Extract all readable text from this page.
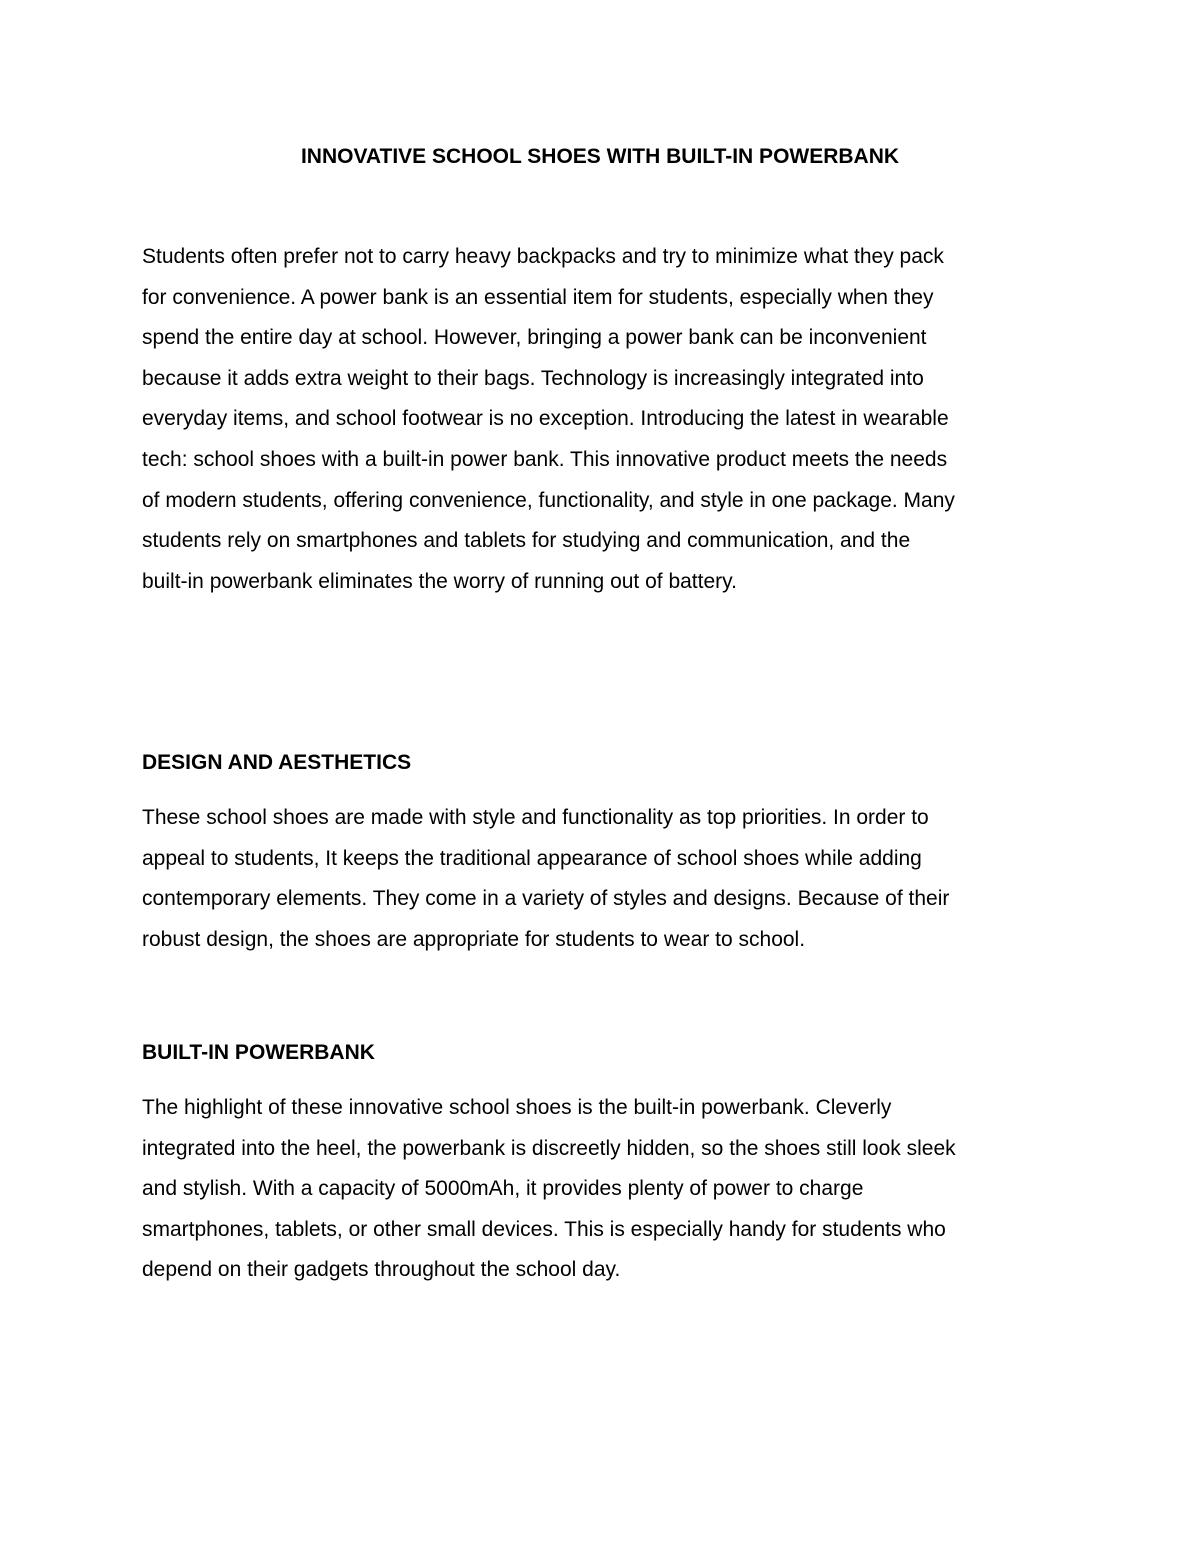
INNOVATIVE SCHOOL SHOES WITH BUILT-IN POWERBANK

Students often prefer not to carry heavy backpacks and try to minimize what they pack
for convenience. A power bank is an essential item for students, especially when they
spend the entire day at school. However, bringing a power bank can be inconvenient
because it adds extra weight to their bags. Technology is increasingly integrated into
everyday items, and school footwear is no exception. Introducing the latest in wearable
tech: school shoes with a built-in power bank. This innovative product meets the needs
of modern students, offering convenience, functionality, and style in one package. Many
students rely on smartphones and tablets for studying and communication, and the
built-in powerbank eliminates the worry of running out of battery.

DESIGN AND AESTHETICS

These school shoes are made with style and functionality as top priorities. In order to
appeal to students, It keeps the traditional appearance of school shoes while adding
contemporary elements. They come in a variety of styles and designs. Because of their
robust design, the shoes are appropriate for students to wear to school.

BUILT-IN POWERBANK

The highlight of these innovative school shoes is the built-in powerbank. Cleverly
integrated into the heel, the powerbank is discreetly hidden, so the shoes still look sleek
and stylish. With a capacity of 5000mAh, it provides plenty of power to charge
smartphones, tablets, or other small devices. This is especially handy for students who
depend on their gadgets throughout the school day.
